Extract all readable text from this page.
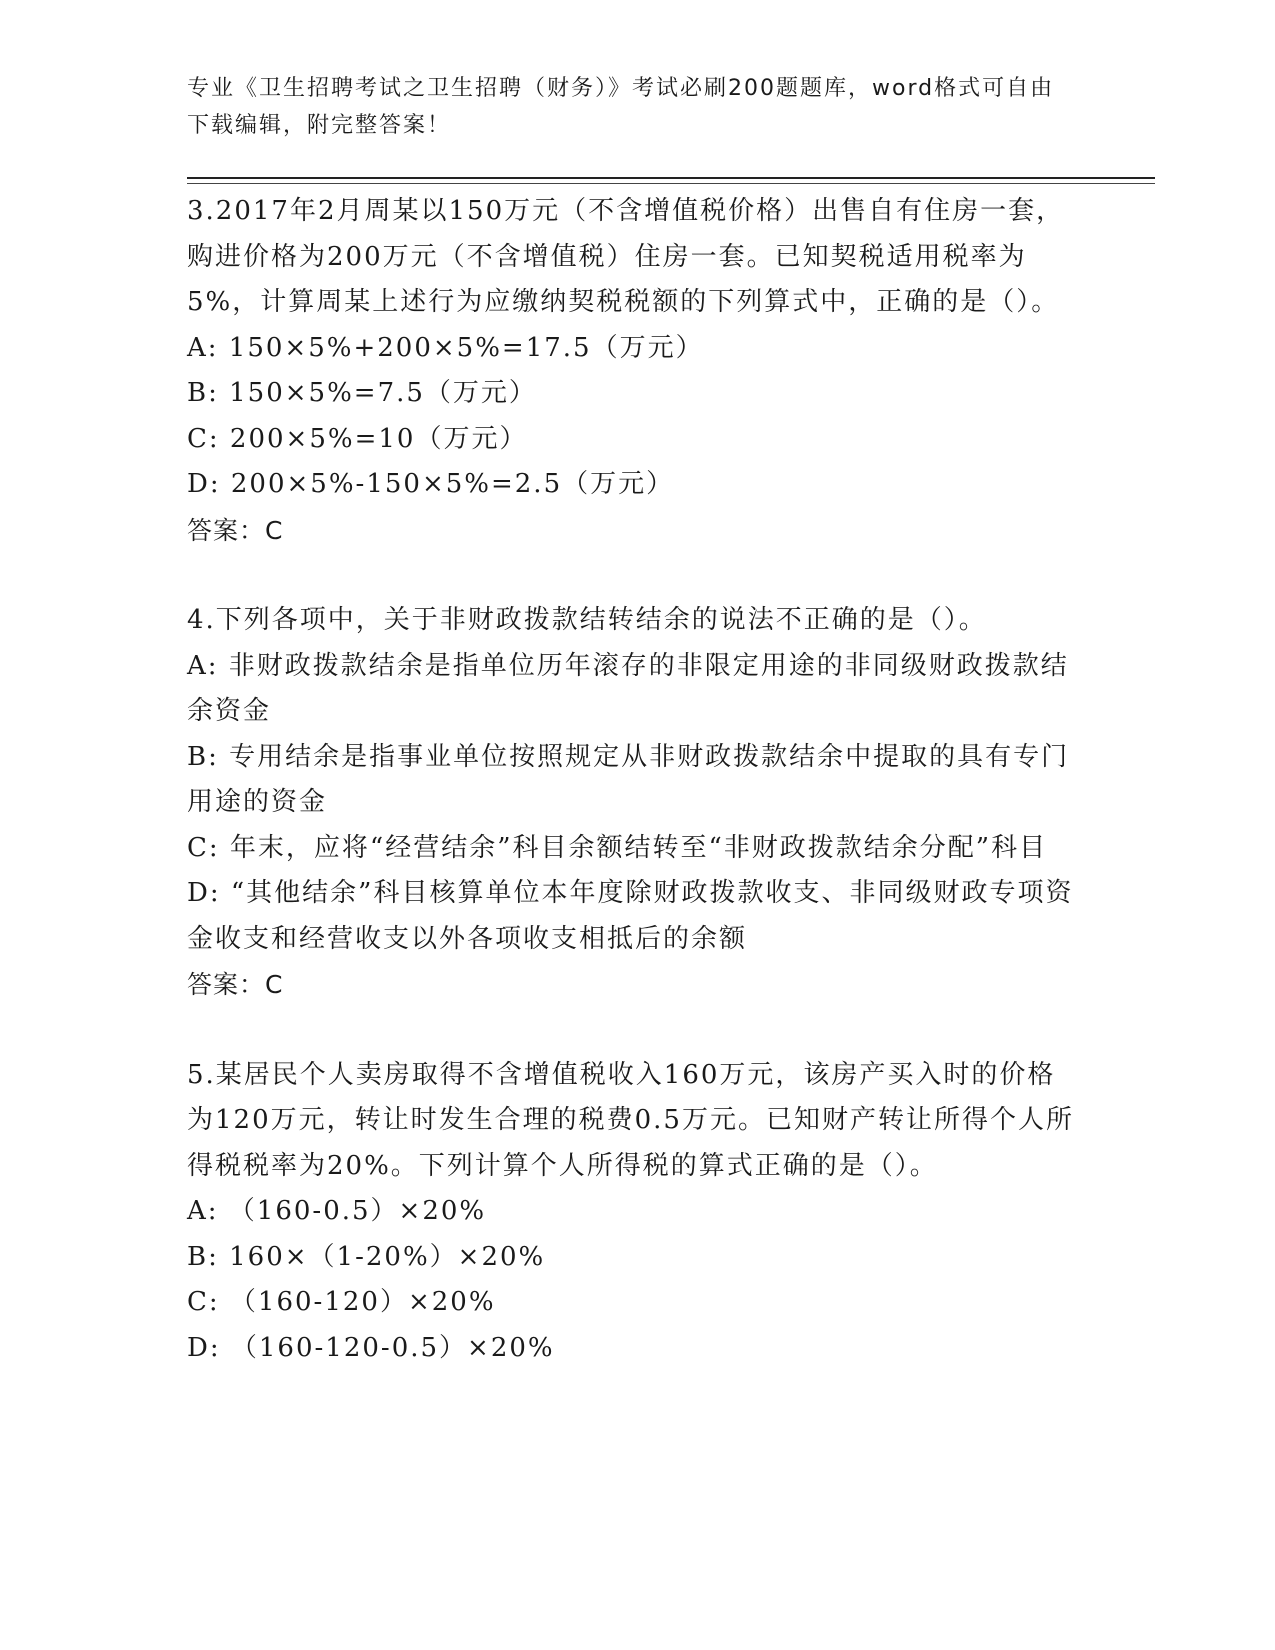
专业《卫生招聘考试之卫生招聘（财务）》考试必刷200题题库，word格式可自由下载编辑，附完整答案！

3.2017年2月周某以150万元（不含增值税价格）出售自有住房一套，购进价格为200万元（不含增值税）住房一套。已知契税适用税率为5%，计算周某上述行为应缴纳契税税额的下列算式中，正确的是（）。

A: 150×5%+200×5%=17.5（万元）

B: 150×5%=7.5（万元）

C: 200×5%=10（万元）

D: 200×5%-150×5%=2.5（万元）

答案：C

4.下列各项中，关于非财政拨款结转结余的说法不正确的是（）。

A: 非财政拨款结余是指单位历年滚存的非限定用途的非同级财政拨款结余资金

B: 专用结余是指事业单位按照规定从非财政拨款结余中提取的具有专门用途的资金

C: 年末，应将“经营结余”科目余额结转至“非财政拨款结余分配”科目

D: “其他结余”科目核算单位本年度除财政拨款收支、非同级财政专项资金收支和经营收支以外各项收支相抵后的余额

答案：C

5.某居民个人卖房取得不含增值税收入160万元，该房产买入时的价格为120万元，转让时发生合理的税费0.5万元。已知财产转让所得个人所得税税率为20%。下列计算个人所得税的算式正确的是（）。

A: （160-0.5）×20%

B: 160×（1-20%）×20%

C: （160-120）×20%

D: （160-120-0.5）×20%
